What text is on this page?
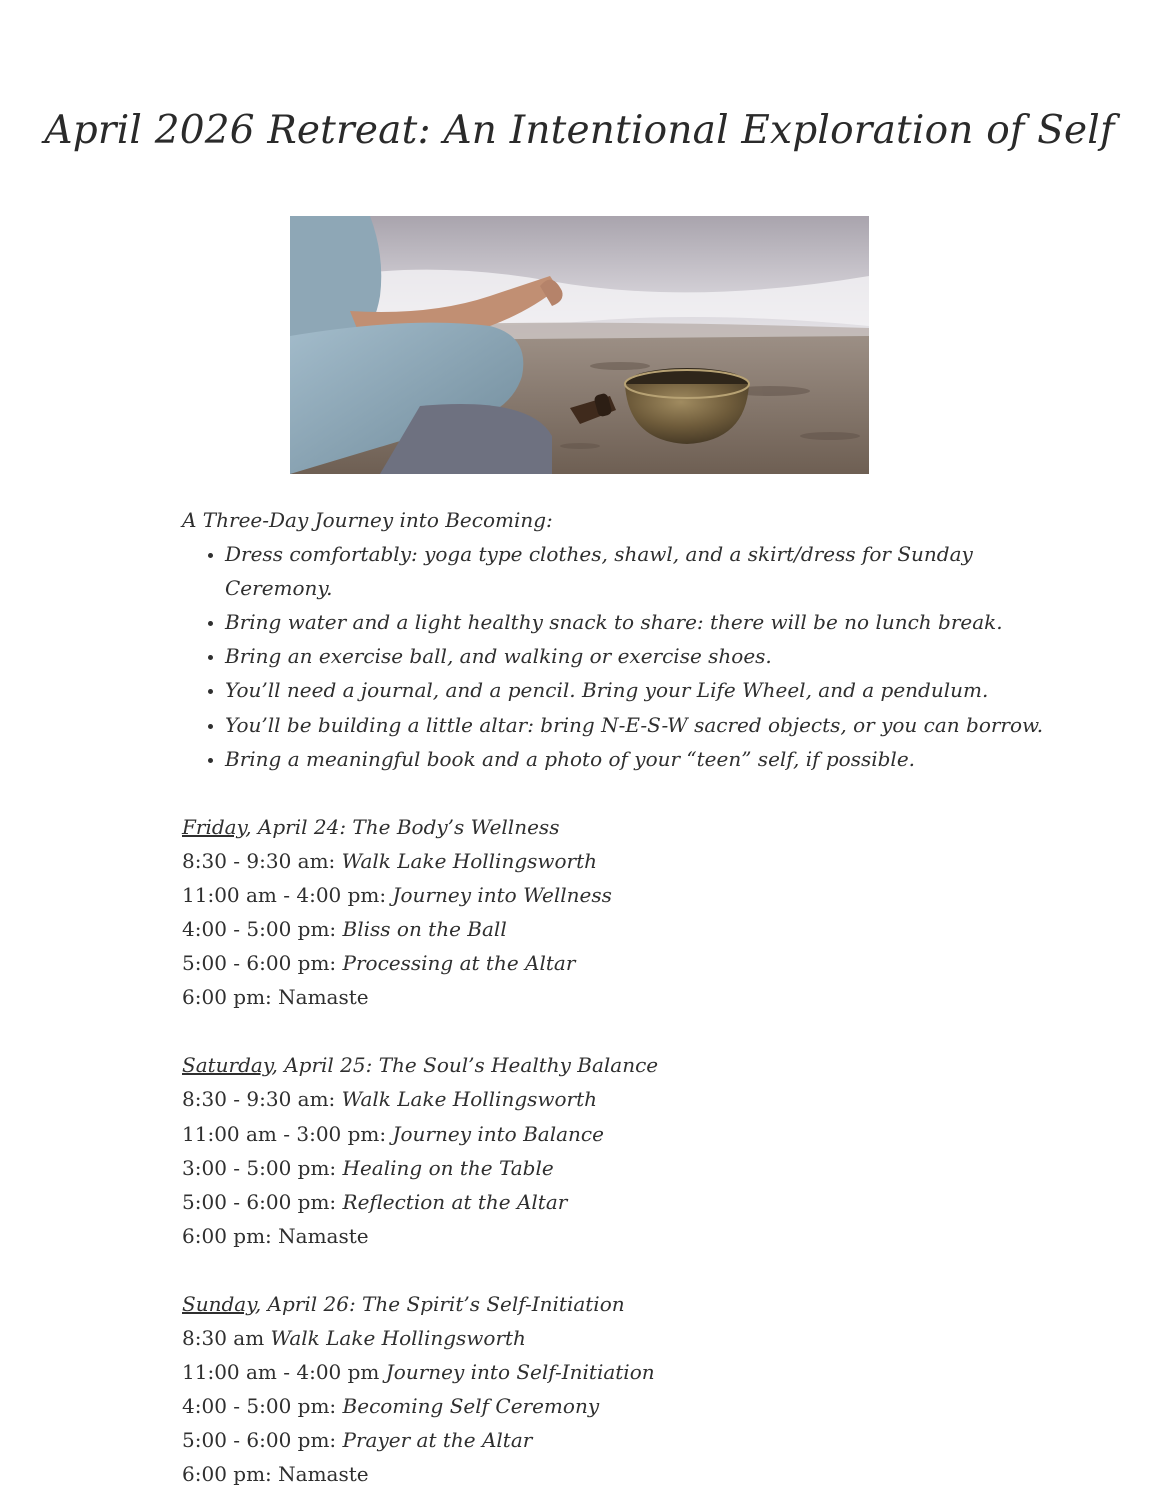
April 2026 Retreat: An Intentional Exploration of Self

A Three-Day Journey into Becoming:

• Dress comfortably: yoga type clothes, shawl, and a skirt/dress for Sunday Ceremony.
• Bring water and a light healthy snack to share: there will be no lunch break.
• Bring an exercise ball, and walking or exercise shoes.
• You’ll need a journal, and a pencil. Bring your Life Wheel, and a pendulum.
• You’ll be building a little altar: bring N-E-S-W sacred objects, or you can borrow.
• Bring a meaningful book and a photo of your “teen” self, if possible.

Friday, April 24: The Body’s Wellness

8:30 - 9:30 am: Walk Lake Hollingsworth

11:00 am - 4:00 pm: Journey into Wellness

4:00 - 5:00 pm: Bliss on the Ball

5:00 - 6:00 pm: Processing at the Altar

6:00 pm: Namaste

Saturday, April 25: The Soul’s Healthy Balance

8:30 - 9:30 am: Walk Lake Hollingsworth

11:00 am - 3:00 pm: Journey into Balance

3:00 - 5:00 pm: Healing on the Table

5:00 - 6:00 pm: Reflection at the Altar

6:00 pm: Namaste

Sunday, April 26: The Spirit’s Self-Initiation

8:30 am Walk Lake Hollingsworth

11:00 am - 4:00 pm Journey into Self-Initiation

4:00 - 5:00 pm: Becoming Self Ceremony

5:00 - 6:00 pm: Prayer at the Altar

6:00 pm: Namaste
